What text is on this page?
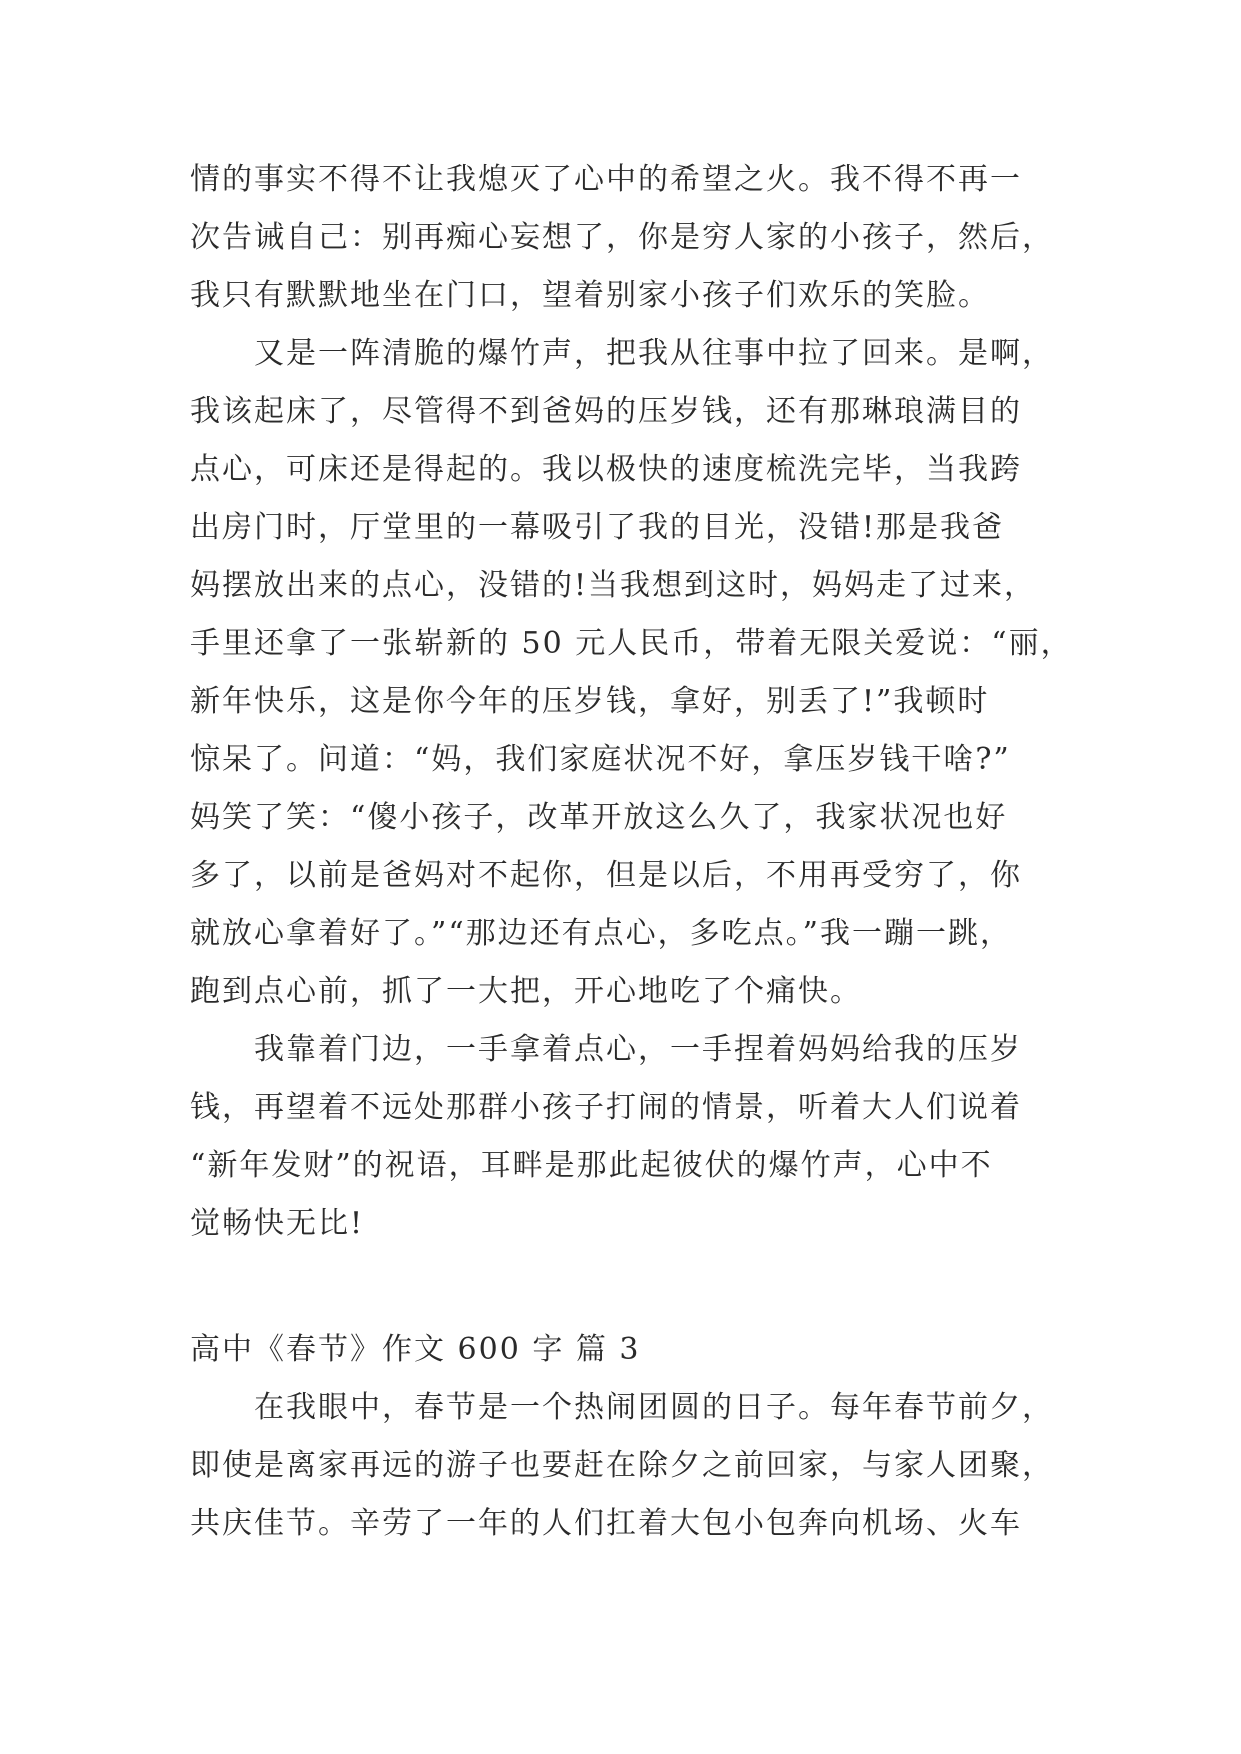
情的事实不得不让我熄灭了心中的希望之火。我不得不再一
次告诫自己：别再痴心妄想了，你是穷人家的小孩子，然后，
我只有默默地坐在门口，望着别家小孩子们欢乐的笑脸。
又是一阵清脆的爆竹声，把我从往事中拉了回来。是啊，
我该起床了，尽管得不到爸妈的压岁钱，还有那琳琅满目的
点心，可床还是得起的。我以极快的速度梳洗完毕，当我跨
出房门时，厅堂里的一幕吸引了我的目光，没错!那是我爸
妈摆放出来的点心，没错的!当我想到这时，妈妈走了过来，
手里还拿了一张崭新的 50 元人民币，带着无限关爱说：“丽，
新年快乐，这是你今年的压岁钱，拿好，别丢了!”我顿时
惊呆了。问道：“妈，我们家庭状况不好，拿压岁钱干啥?”
妈笑了笑：“傻小孩子，改革开放这么久了，我家状况也好
多了，以前是爸妈对不起你，但是以后，不用再受穷了，你
就放心拿着好了。”“那边还有点心，多吃点。”我一蹦一跳，
跑到点心前，抓了一大把，开心地吃了个痛快。
我靠着门边，一手拿着点心，一手捏着妈妈给我的压岁
钱，再望着不远处那群小孩子打闹的情景，听着大人们说着
“新年发财”的祝语，耳畔是那此起彼伏的爆竹声，心中不
觉畅快无比!
高中《春节》作文 600 字 篇 3
在我眼中，春节是一个热闹团圆的日子。每年春节前夕，
即使是离家再远的游子也要赶在除夕之前回家，与家人团聚，
共庆佳节。辛劳了一年的人们扛着大包小包奔向机场、火车
